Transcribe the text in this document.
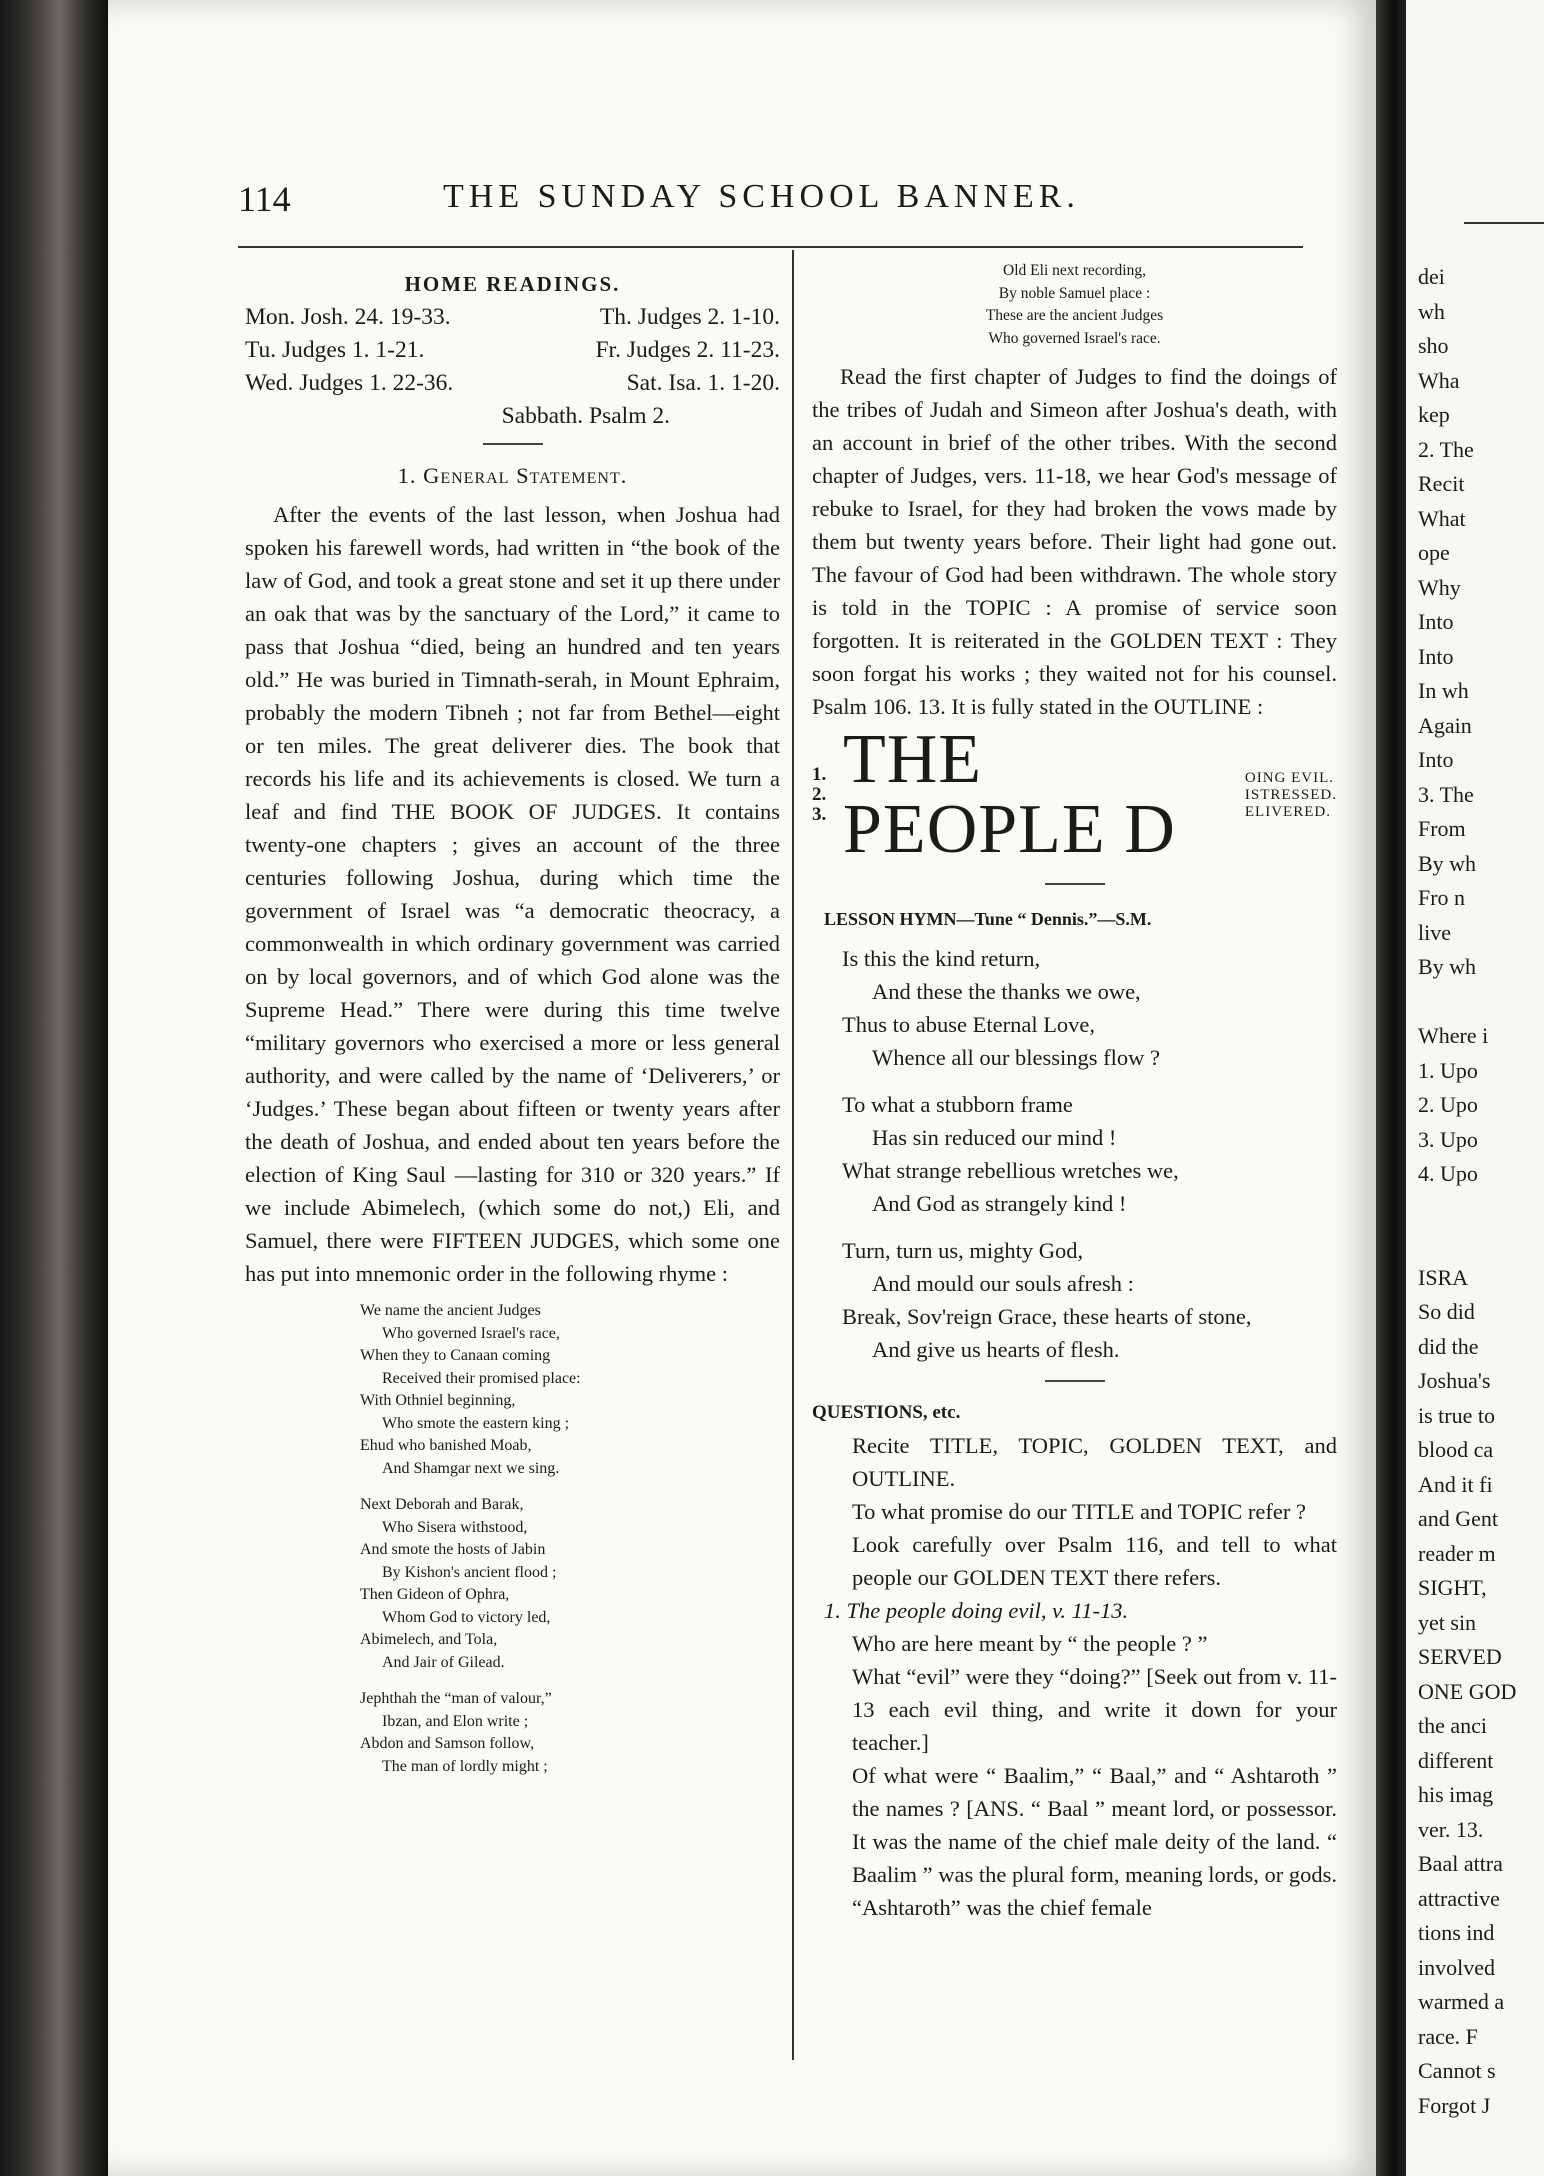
114	THE SUNDAY SCHOOL BANNER.
HOME READINGS.
Mon. Josh. 24. 19-33.	Th. Judges 2. 1-10.
Tu. Judges 1. 1-21.	Fr. Judges 2. 11-23.
Wed. Judges 1. 22-36.	Sat. Isa. 1. 1-20.
Sabbath. Psalm 2.
1. General Statement.

After the events of the last lesson, when Joshua had spoken his farewell words, had written in “the book of the law of God, and took a great stone and set it up there under an oak that was by the sanctuary of the Lord,” it came to pass that Joshua “died, being an hundred and ten years old.” He was buried in Timnath-serah, in Mount Ephraim, probably the modern Tibneh ; not far from Bethel—eight or ten miles. The great deliverer dies. The book that records his life and its achievements is closed. We turn a leaf and find THE BOOK OF JUDGES. It contains twenty-one chapters ; gives an account of the three centuries following Joshua, during which time the government of Israel was “a democratic theocracy, a commonwealth in which ordinary government was carried on by local governors, and of which God alone was the Supreme Head.” There were during this time twelve “military governors who exercised a more or less general authority, and were called by the name of ‘Deliverers,’ or ‘Judges.’ These began about fifteen or twenty years after the death of Joshua, and ended about ten years before the election of King Saul —lasting for 310 or 320 years.” If we include Abimelech, (which some do not,) Eli, and Samuel, there were FIFTEEN JUDGES, which some one has put into mnemonic order in the following rhyme :

We name the ancient Judges
Who governed Israel's race,
When they to Canaan coming
Received their promised place:
With Othniel beginning,
Who smote the eastern king ;
Ehud who banished Moab,
And Shamgar next we sing.
Next Deborah and Barak,
Who Sisera withstood,
And smote the hosts of Jabin
By Kishon's ancient flood ;
Then Gideon of Ophra,
Whom God to victory led,
Abimelech, and Tola,
And Jair of Gilead.
Jephthah the “man of valour,”
Ibzan, and Elon write ;
Abdon and Samson follow,
The man of lordly might ;
Old Eli next recording,
By noble Samuel place :
These are the ancient Judges
Who governed Israel's race.

Read the first chapter of Judges to find the doings of the tribes of Judah and Simeon after Joshua's death, with an account in brief of the other tribes. With the second chapter of Judges, vers. 11-18, we hear God's message of rebuke to Israel, for they had broken the vows made by them but twenty years before. Their light had gone out. The favour of God had been withdrawn. The whole story is told in the TOPIC : A promise of service soon forgotten. It is reiterated in the GOLDEN TEXT : They soon forgat his works ; they waited not for his counsel. Psalm 106. 13. It is fully stated in the OUTLINE :

1.
2.
3.
THE PEOPLE D
OING EVIL.
ISTRESSED.
ELIVERED.
LESSON HYMN—Tune “ Dennis.”—S.M.
Is this the kind return,
And these the thanks we owe,
Thus to abuse Eternal Love,
Whence all our blessings flow ?
To what a stubborn frame
Has sin reduced our mind !
What strange rebellious wretches we,
And God as strangely kind !
Turn, turn us, mighty God,
And mould our souls afresh :
Break, Sov'reign Grace, these hearts of stone,
And give us hearts of flesh.
QUESTIONS, etc.

Recite TITLE, TOPIC, GOLDEN TEXT, and OUTLINE.

To what promise do our TITLE and TOPIC refer ?

Look carefully over Psalm 116, and tell to what people our GOLDEN TEXT there refers.

1. The people doing evil, v. 11-13.

Who are here meant by “ the people ? ”

What “evil” were they “doing?” [Seek out from v. 11-13 each evil thing, and write it down for your teacher.]

Of what were “ Baalim,” “ Baal,” and “ Ashtaroth ” the names ? [ANS. “ Baal ” meant lord, or possessor. It was the name of the chief male deity of the land. “ Baalim ” was the plural form, meaning lords, or gods. “Ashtaroth” was the chief female

dei
wh
sho
Wha
kep
2. The
Recit
What
ope
Why
Into
Into
In wh
Again
Into
3. The
From
By wh
Fro n
live
By wh

Where i
1. Upo
2. Upo
3. Upo
4. Upo

ISRA
So did
did the
Joshua's
is true to
blood ca
And it fi
and Gent
reader m
SIGHT,
yet sin
SERVED
ONE GOD
the anci
different
his imag
ver. 13.
Baal attra
attractive
tions ind
involved
warmed a
race. F
Cannot s
Forgot J
